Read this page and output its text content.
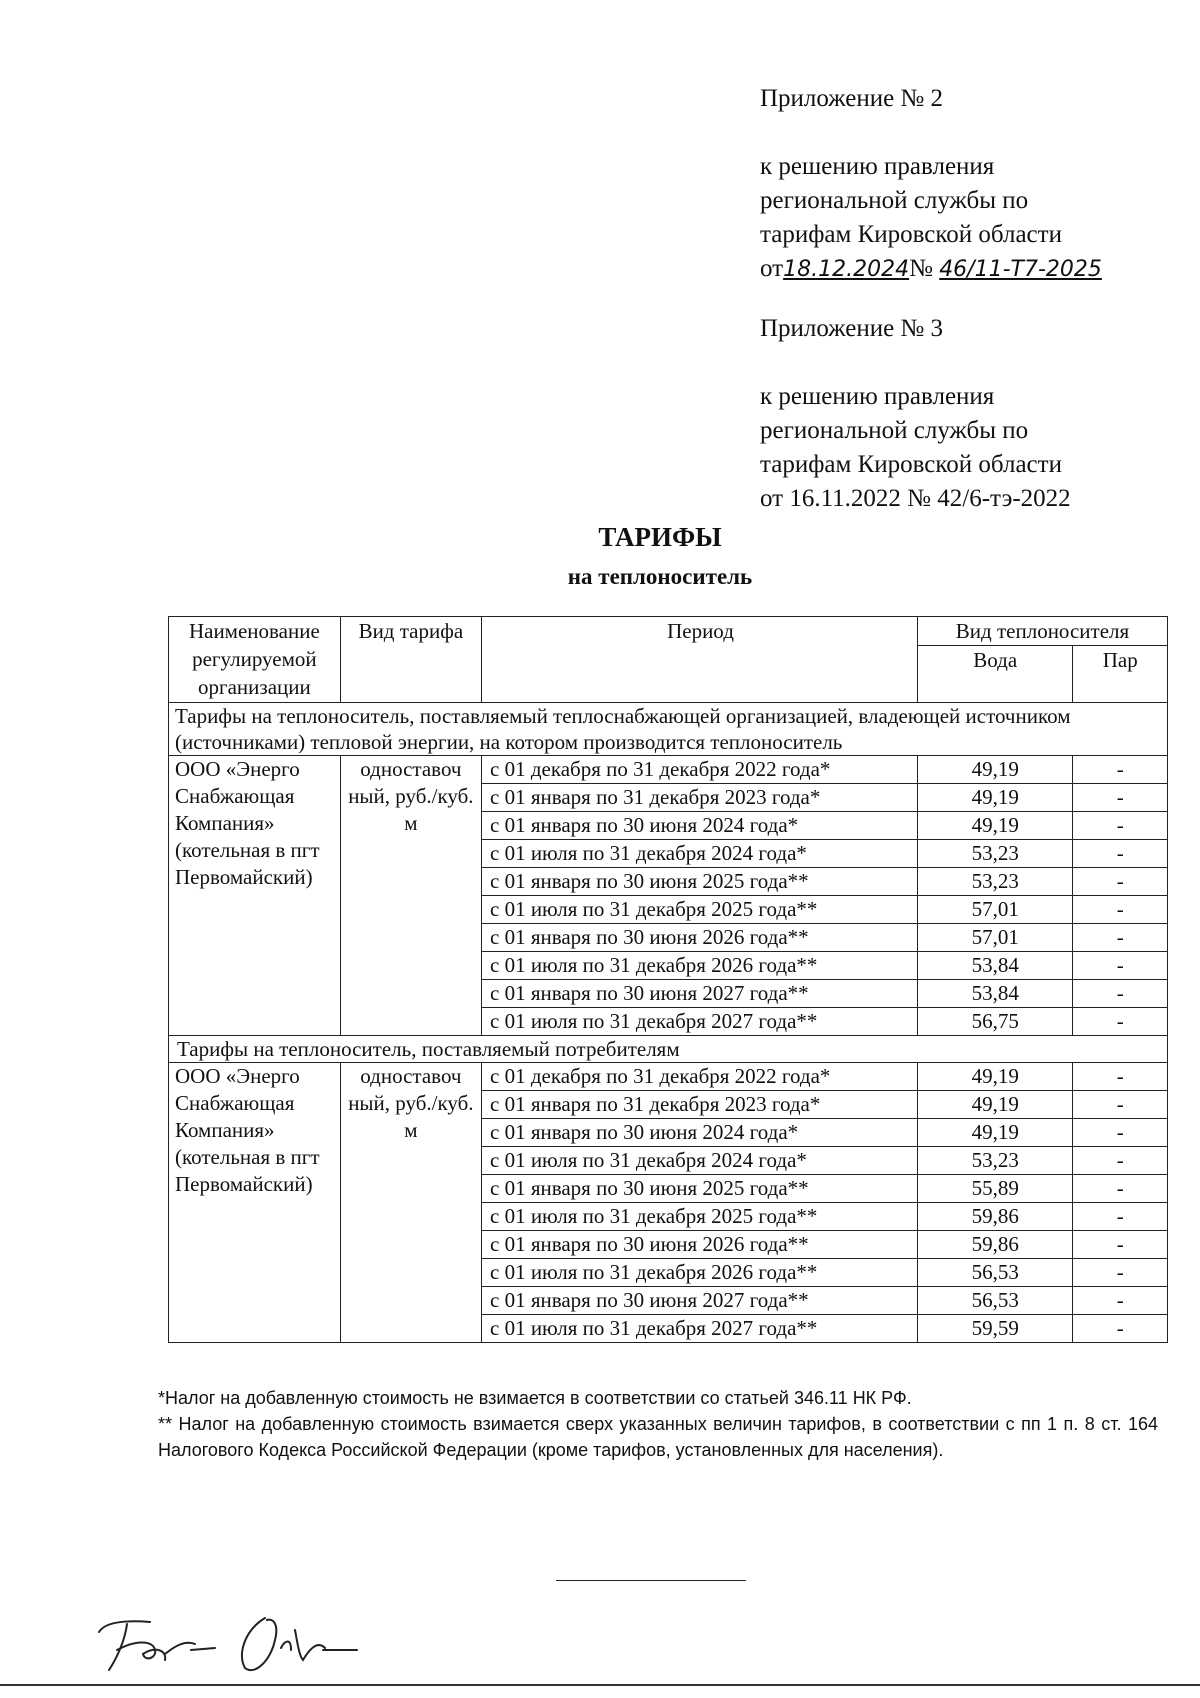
Приложение № 2
к решению правления
региональной службы по
тарифам Кировской области
от18.12.2024№ 46/11-Т7-2025
Приложение № 3
к решению правления
региональной службы по
тарифам Кировской области
от 16.11.2022 № 42/6-тэ-2022
ТАРИФЫ
на теплоноситель
Наименование регулируемой организации	Вид тарифа	Период	Вид теплоносителя	
			Вода	Пар
Тарифы на теплоноситель, поставляемый теплоснабжающей организацией, владеющей источником (источниками) тепловой энергии, на котором производится теплоноситель				
ООО «Энерго Снабжающая Компания» (котельная в пгт Первомайский)	одноставоч ный, руб./куб. м	с 01 декабря по 31 декабря 2022 года*	49,19	-
		с 01 января по 31 декабря 2023 года*	49,19	-
		с 01 января по 30 июня 2024 года*	49,19	-
		с 01 июля по 31 декабря 2024 года*	53,23	-
		с 01 января по 30 июня 2025 года**	53,23	-
		с 01 июля по 31 декабря 2025 года**	57,01	-
		с 01 января по 30 июня 2026 года**	57,01	-
		с 01 июля по 31 декабря 2026 года**	53,84	-
		с 01 января по 30 июня 2027 года**	53,84	-
		с 01 июля по 31 декабря 2027 года**	56,75	-
Тарифы на теплоноситель, поставляемый потребителям				
ООО «Энерго Снабжающая Компания» (котельная в пгт Первомайский)	одноставоч ный, руб./куб. м	с 01 декабря по 31 декабря 2022 года*	49,19	-
		с 01 января по 31 декабря 2023 года*	49,19	-
		с 01 января по 30 июня 2024 года*	49,19	-
		с 01 июля по 31 декабря 2024 года*	53,23	-
		с 01 января по 30 июня 2025 года**	55,89	-
		с 01 июля по 31 декабря 2025 года**	59,86	-
		с 01 января по 30 июня 2026 года**	59,86	-
		с 01 июля по 31 декабря 2026 года**	56,53	-
		с 01 января по 30 июня 2027 года**	56,53	-
		с 01 июля по 31 декабря 2027 года**	59,59	-
*Налог на добавленную стоимость не взимается в соответствии со статьей 346.11 НК РФ.
** Налог на добавленную стоимость взимается сверх указанных величин тарифов, в соответствии с пп 1 п. 8 ст. 164 Налогового Кодекса Российской Федерации (кроме тарифов, установленных для населения).
